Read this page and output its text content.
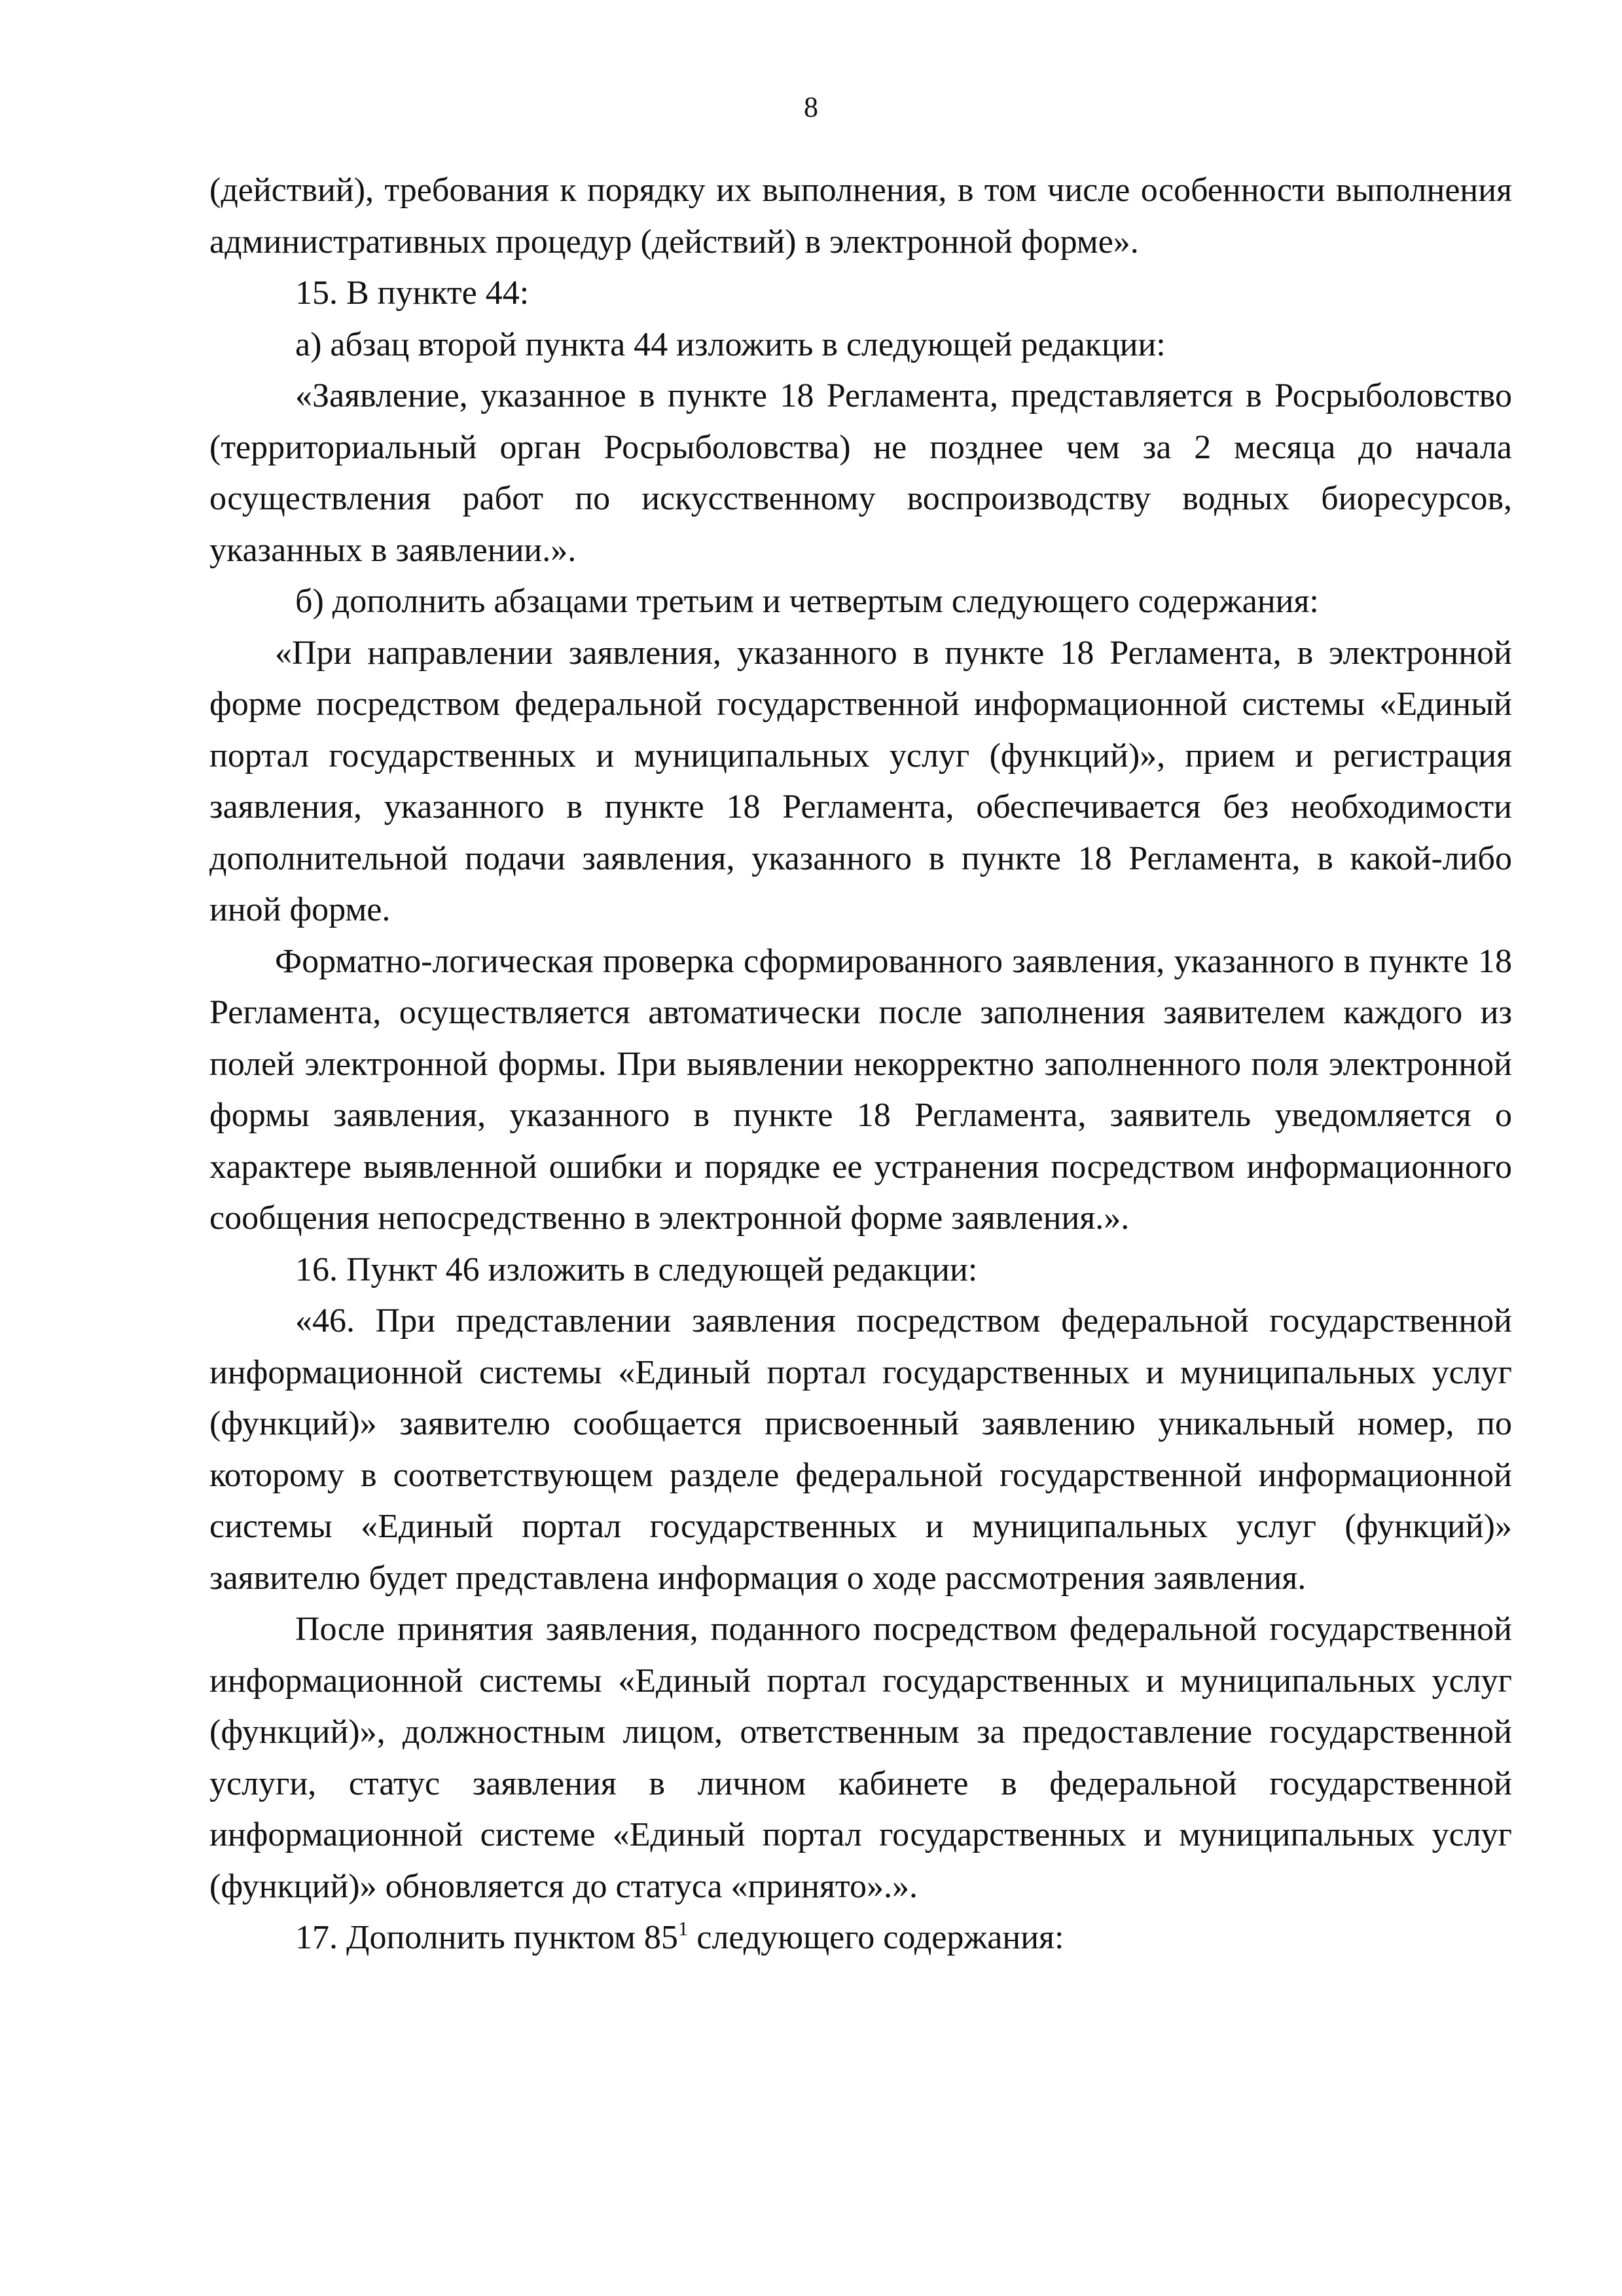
8

(действий), требования к порядку их выполнения, в том числе особенности выполнения административных процедур (действий) в электронной форме».

15. В пункте 44:

а) абзац второй пункта 44 изложить в следующей редакции:

«Заявление, указанное в пункте 18 Регламента, представляется в Росрыболовство (территориальный орган Росрыболовства) не позднее чем за 2 месяца до начала осуществления работ по искусственному воспроизводству водных биоресурсов, указанных в заявлении.».

б) дополнить абзацами третьим и четвертым следующего содержания:

«При направлении заявления, указанного в пункте 18 Регламента, в электронной форме посредством федеральной государственной информационной системы «Единый портал государственных и муниципальных услуг (функций)», прием и регистрация заявления, указанного в пункте 18 Регламента, обеспечивается без необходимости дополнительной подачи заявления, указанного в пункте 18 Регламента, в какой-либо иной форме.

Форматно-логическая проверка сформированного заявления, указанного в пункте 18 Регламента, осуществляется автоматически после заполнения заявителем каждого из полей электронной формы. При выявлении некорректно заполненного поля электронной формы заявления, указанного в пункте 18 Регламента, заявитель уведомляется о характере выявленной ошибки и порядке ее устранения посредством информационного сообщения непосредственно в электронной форме заявления.».

16. Пункт 46 изложить в следующей редакции:

«46. При представлении заявления посредством федеральной государственной информационной системы «Единый портал государственных и муниципальных услуг (функций)» заявителю сообщается присвоенный заявлению уникальный номер, по которому в соответствующем разделе федеральной государственной информационной системы «Единый портал государственных и муниципальных услуг (функций)» заявителю будет представлена информация о ходе рассмотрения заявления.

После принятия заявления, поданного посредством федеральной государственной информационной системы «Единый портал государственных и муниципальных услуг (функций)», должностным лицом, ответственным за предоставление государственной услуги, статус заявления в личном кабинете в федеральной государственной информационной системе «Единый портал государственных и муниципальных услуг (функций)» обновляется до статуса «принято».».

17. Дополнить пунктом $85^1$ следующего содержания:
